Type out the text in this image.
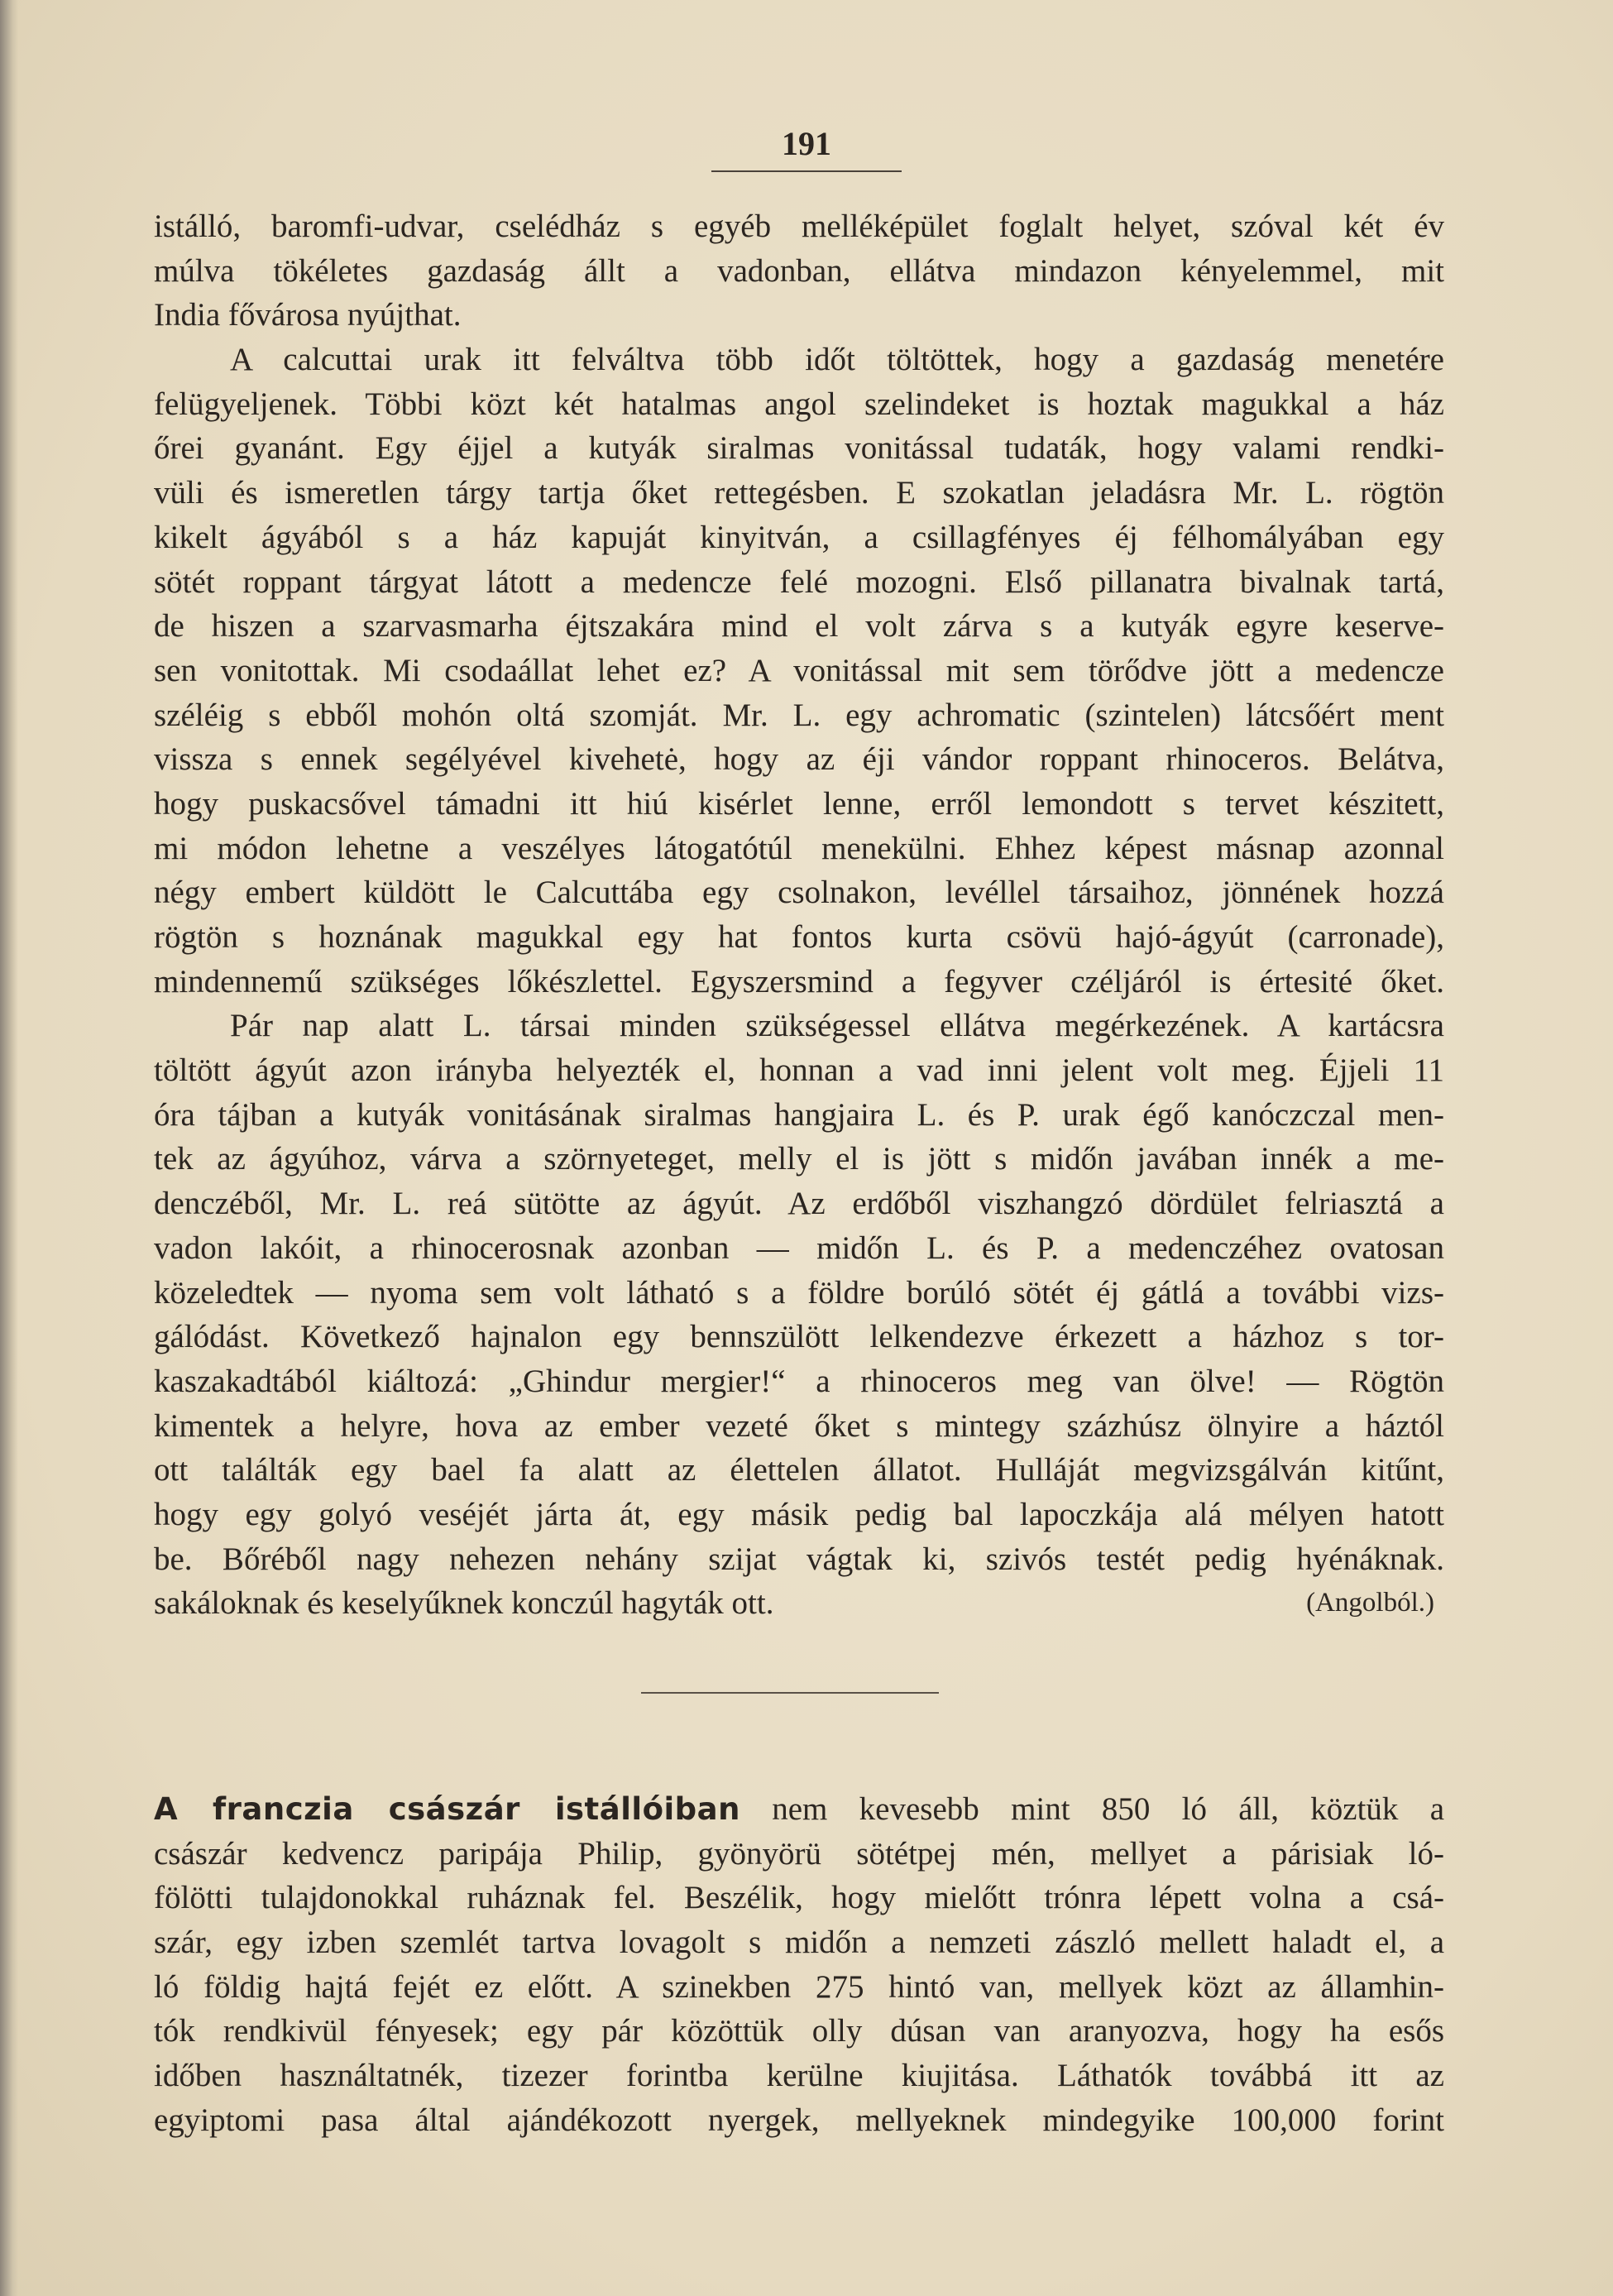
191
istálló, baromfi-udvar, cselédház s egyéb melléképület foglalt helyet, szóval két év
múlva tökéletes gazdaság állt a vadonban, ellátva mindazon kényelemmel, mit
India fővárosa nyújthat.
A calcuttai urak itt felváltva több időt töltöttek, hogy a gazdaság menetére
felügyeljenek. Többi közt két hatalmas angol szelindeket is hoztak magukkal a ház
őrei gyanánt. Egy éjjel a kutyák siralmas vonitással tudaták, hogy valami rendki-
vüli és ismeretlen tárgy tartja őket rettegésben. E szokatlan jeladásra Mr. L. rögtön
kikelt ágyából s a ház kapuját kinyitván, a csillagfényes éj félhomályában egy
sötét roppant tárgyat látott a medencze felé mozogni. Első pillanatra bivalnak tartá,
de hiszen a szarvasmarha éjtszakára mind el volt zárva s a kutyák egyre keserve-
sen vonitottak. Mi csodaállat lehet ez? A vonitással mit sem törődve jött a medencze
széléig s ebből mohón oltá szomját. Mr. L. egy achromatic (szintelen) látcsőért ment
vissza s ennek segélyével kivehetė, hogy az éji vándor roppant rhinoceros. Belátva,
hogy puskacsővel támadni itt hiú kisérlet lenne, erről lemondott s tervet készitett,
mi módon lehetne a veszélyes látogatótúl menekülni. Ehhez képest másnap azonnal
négy embert küldött le Calcuttába egy csolnakon, levéllel társaihoz, jönnének hozzá
rögtön s hoznának magukkal egy hat fontos kurta csövü hajó-ágyút (carronade),
mindennemű szükséges lőkészlettel. Egyszersmind a fegyver czéljáról is értesité őket.
Pár nap alatt L. társai minden szükségessel ellátva megérkezének. A kartácsra
töltött ágyút azon irányba helyezték el, honnan a vad inni jelent volt meg. Éjjeli 11
óra tájban a kutyák vonitásának siralmas hangjaira L. és P. urak égő kanóczczal men-
tek az ágyúhoz, várva a szörnyeteget, melly el is jött s midőn javában innék a me-
denczéből, Mr. L. reá sütötte az ágyút. Az erdőből viszhangzó dördület felriasztá a
vadon lakóit, a rhinocerosnak azonban — midőn L. és P. a medenczéhez ovatosan
közeledtek — nyoma sem volt látható s a földre borúló sötét éj gátlá a további vizs-
gálódást. Következő hajnalon egy bennszülött lelkendezve érkezett a házhoz s tor-
kaszakadtából kiáltozá: „Ghindur mergier!“ a rhinoceros meg van ölve! — Rögtön
kimentek a helyre, hova az ember vezeté őket s mintegy százhúsz ölnyire a háztól
ott találták egy bael fa alatt az élettelen állatot. Hulláját megvizsgálván kitűnt,
hogy egy golyó veséjét járta át, egy másik pedig bal lapoczkája alá mélyen hatott
be. Bőréből nagy nehezen nehány szijat vágtak ki, szivós testét pedig hyénáknak.
sakáloknak és keselyűknek konczúl hagyták ott.	(Angolból.)
A franczia császár istállóiban nem kevesebb mint 850 ló áll, köztük a
császár kedvencz paripája Philip, gyönyörü sötétpej mén, mellyet a párisiak ló-
fölötti tulajdonokkal ruháznak fel. Beszélik, hogy mielőtt trónra lépett volna a csá-
szár, egy izben szemlét tartva lovagolt s midőn a nemzeti zászló mellett haladt el, a
ló földig hajtá fejét ez előtt. A szinekben 275 hintó van, mellyek közt az államhin-
tók rendkivül fényesek; egy pár közöttük olly dúsan van aranyozva, hogy ha esős
időben használtatnék, tizezer forintba kerülne kiujitása. Láthatók továbbá itt az
egyiptomi pasa által ajándékozott nyergek, mellyeknek mindegyike 100,000 forint
